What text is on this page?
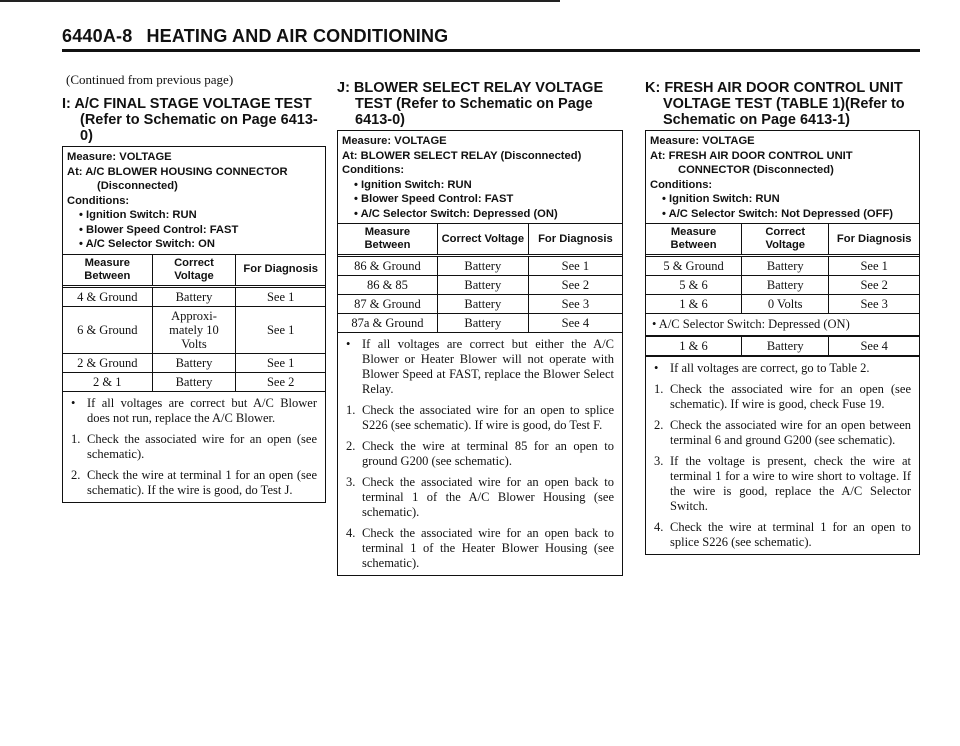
6440A-8 HEATING AND AIR CONDITIONING
(Continued from previous page)
I: A/C FINAL STAGE VOLTAGE TEST
(Refer to Schematic on Page 6413-0)
Measure: VOLTAGE
At: A/C BLOWER HOUSING CONNECTOR
(Disconnected)
Conditions:
• Ignition Switch: RUN
• Blower Speed Control: FAST
• A/C Selector Switch: ON
Measure Between	Correct Voltage	For Diagnosis
4 & Ground	Battery	See 1
6 & Ground	Approxi- mately 10 Volts	See 1
2 & Ground	Battery	See 1
2 & 1	Battery	See 2
• If all voltages are correct but A/C Blower does not run, replace the A/C Blower.
1. Check the associated wire for an open (see schematic).
2. Check the wire at terminal 1 for an open (see schematic). If the wire is good, do Test J.
J: BLOWER SELECT RELAY VOLTAGE
TEST (Refer to Schematic on Page
6413-0)
Measure: VOLTAGE
At: BLOWER SELECT RELAY (Disconnected)
Conditions:
• Ignition Switch: RUN
• Blower Speed Control: FAST
• A/C Selector Switch: Depressed (ON)
Measure Between	Correct Voltage	For Diagnosis
86 & Ground	Battery	See 1
86 & 85	Battery	See 2
87 & Ground	Battery	See 3
87a & Ground	Battery	See 4
• If all voltages are correct but either the A/C Blower or Heater Blower will not operate with Blower Speed at FAST, replace the Blower Select Relay.
1. Check the associated wire for an open to splice S226 (see schematic). If wire is good, do Test F.
2. Check the wire at terminal 85 for an open to ground G200 (see schematic).
3. Check the associated wire for an open back to terminal 1 of the A/C Blower Housing (see schematic).
4. Check the associated wire for an open back to terminal 1 of the Heater Blower Housing (see schematic).
K: FRESH AIR DOOR CONTROL UNIT
VOLTAGE TEST (TABLE 1)(Refer to
Schematic on Page 6413-1)
Measure: VOLTAGE
At: FRESH AIR DOOR CONTROL UNIT
CONNECTOR (Disconnected)
Conditions:
• Ignition Switch: RUN
• A/C Selector Switch: Not Depressed (OFF)
Measure Between	Correct Voltage	For Diagnosis
5 & Ground	Battery	See 1
5 & 6	Battery	See 2
1 & 6	0 Volts	See 3
• A/C Selector Switch: Depressed (ON)
1 & 6	Battery	See 4
• If all voltages are correct, go to Table 2.
1. Check the associated wire for an open (see schematic). If wire is good, check Fuse 19.
2. Check the associated wire for an open between terminal 6 and ground G200 (see schematic).
3. If the voltage is present, check the wire at terminal 1 for a wire to wire short to voltage. If the wire is good, replace the A/C Selector Switch.
4. Check the wire at terminal 1 for an open to splice S226 (see schematic).
